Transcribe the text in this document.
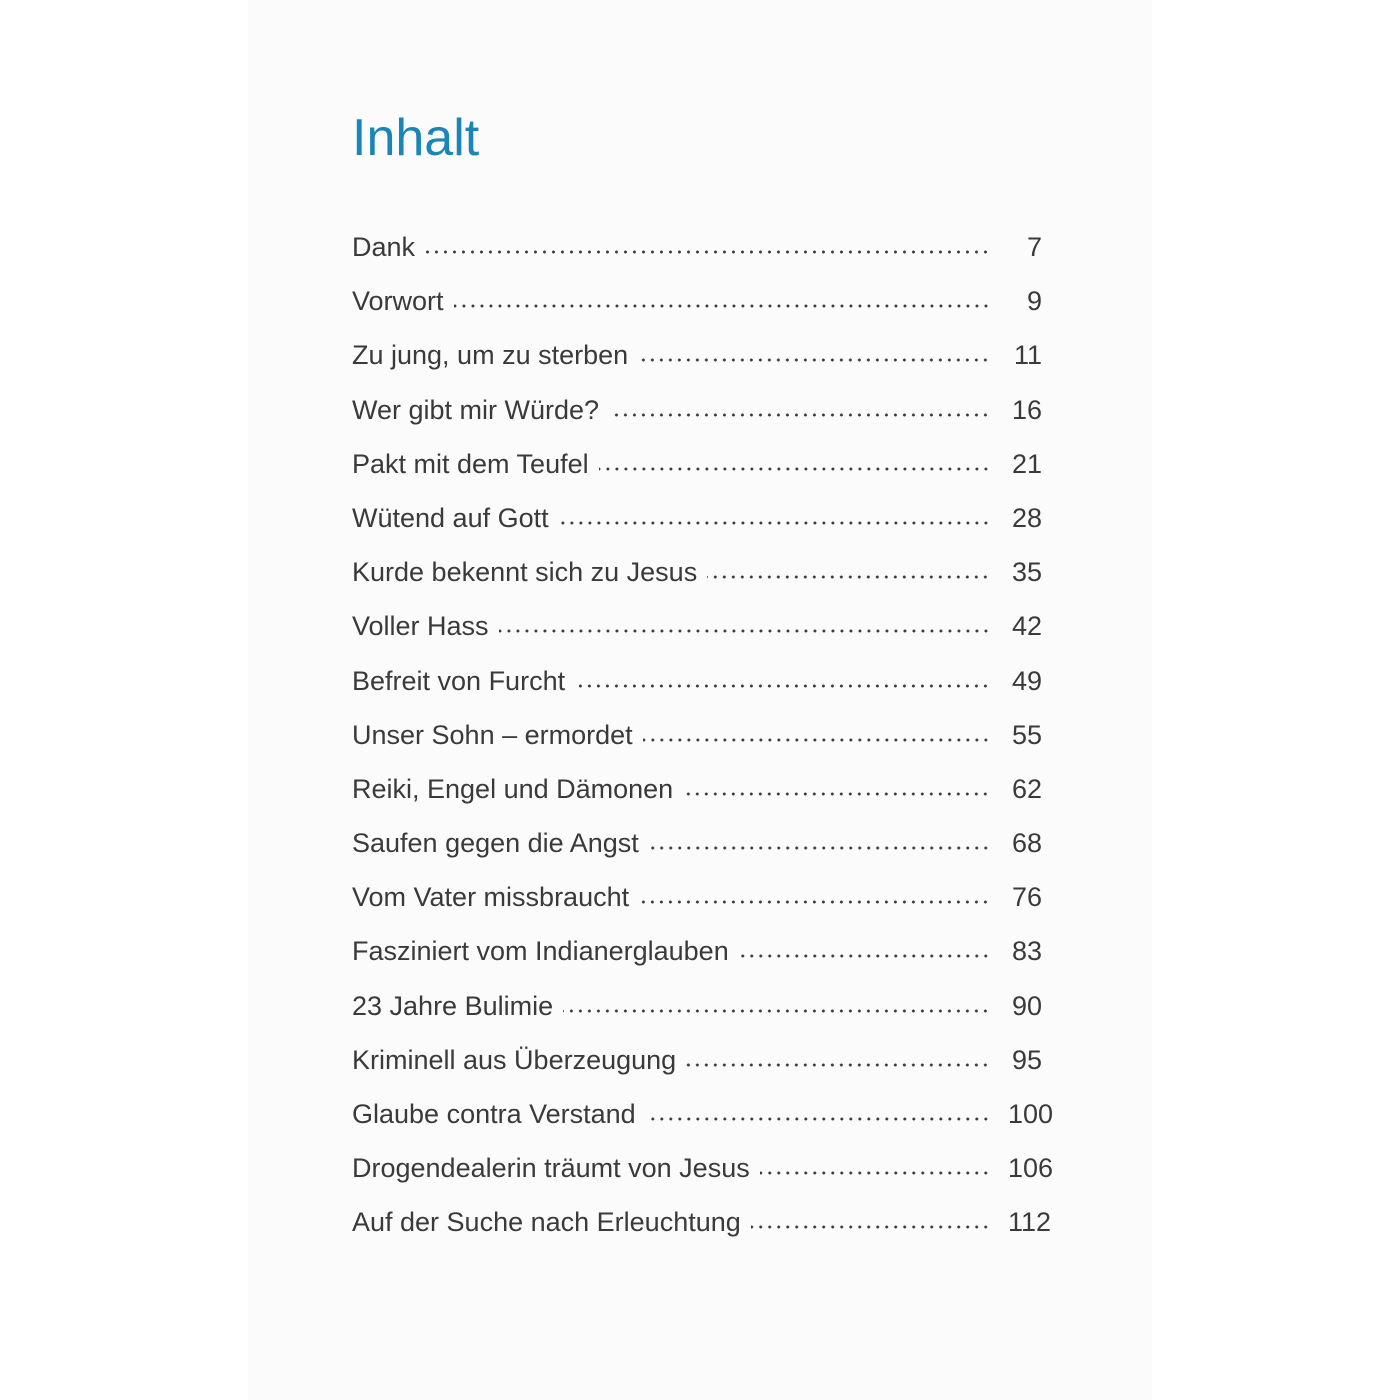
Inhalt
Dank	7
Vorwort	9
Zu jung, um zu sterben	11
Wer gibt mir Würde?	16
Pakt mit dem Teufel	21
Wütend auf Gott	28
Kurde bekennt sich zu Jesus	35
Voller Hass	42
Befreit von Furcht	49
Unser Sohn – ermordet	55
Reiki, Engel und Dämonen	62
Saufen gegen die Angst	68
Vom Vater missbraucht	76
Fasziniert vom Indianerglauben	83
23 Jahre Bulimie	90
Kriminell aus Überzeugung	95
Glaube contra Verstand	100
Drogendealerin träumt von Jesus	106
Auf der Suche nach Erleuchtung	112
